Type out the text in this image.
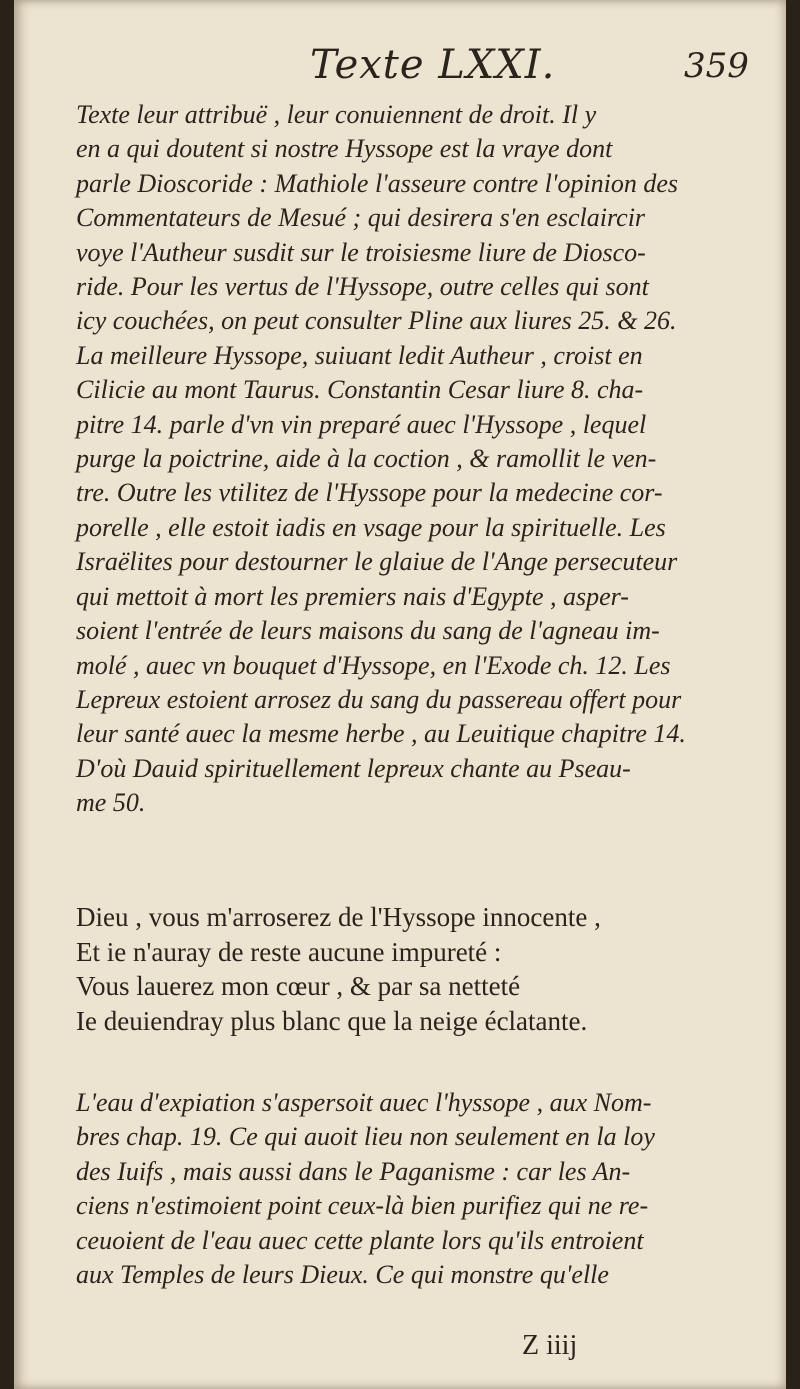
Texte LXXI.	359
Texte leur attribuë , leur conuiennent de droit. Il y
en a qui doutent si nostre Hyssope est la vraye dont
parle Dioscoride : Mathiole l'asseure contre l'opinion des
Commentateurs de Mesué ; qui desirera s'en esclaircir
voye l'Autheur susdit sur le troisiesme liure de Diosco-
ride. Pour les vertus de l'Hyssope, outre celles qui sont
icy couchées, on peut consulter Pline aux liures 25. & 26.
La meilleure Hyssope, suiuant ledit Autheur , croist en
Cilicie au mont Taurus. Constantin Cesar liure 8. cha-
pitre 14. parle d'vn vin preparé auec l'Hyssope , lequel
purge la poictrine, aide à la coction , & ramollit le ven-
tre. Outre les vtilitez de l'Hyssope pour la medecine cor-
porelle , elle estoit iadis en vsage pour la spirituelle. Les
Israëlites pour destourner le glaiue de l'Ange persecuteur
qui mettoit à mort les premiers nais d'Egypte , asper-
soient l'entrée de leurs maisons du sang de l'agneau im-
molé , auec vn bouquet d'Hyssope, en l'Exode ch. 12. Les
Lepreux estoient arrosez du sang du passereau offert pour
leur santé auec la mesme herbe , au Leuitique chapitre 14.
D'où Dauid spirituellement lepreux chante au Pseau-
me 50.
Dieu , vous m'arroserez de l'Hyssope innocente ,
Et ie n'auray de reste aucune impureté :
Vous lauerez mon cœur , & par sa netteté
Ie deuiendray plus blanc que la neige éclatante.
L'eau d'expiation s'aspersoit auec l'hyssope , aux Nom-
bres chap. 19. Ce qui auoit lieu non seulement en la loy
des Iuifs , mais aussi dans le Paganisme : car les An-
ciens n'estimoient point ceux-là bien purifiez qui ne re-
ceuoient de l'eau auec cette plante lors qu'ils entroient
aux Temples de leurs Dieux. Ce qui monstre qu'elle
Z iiij
